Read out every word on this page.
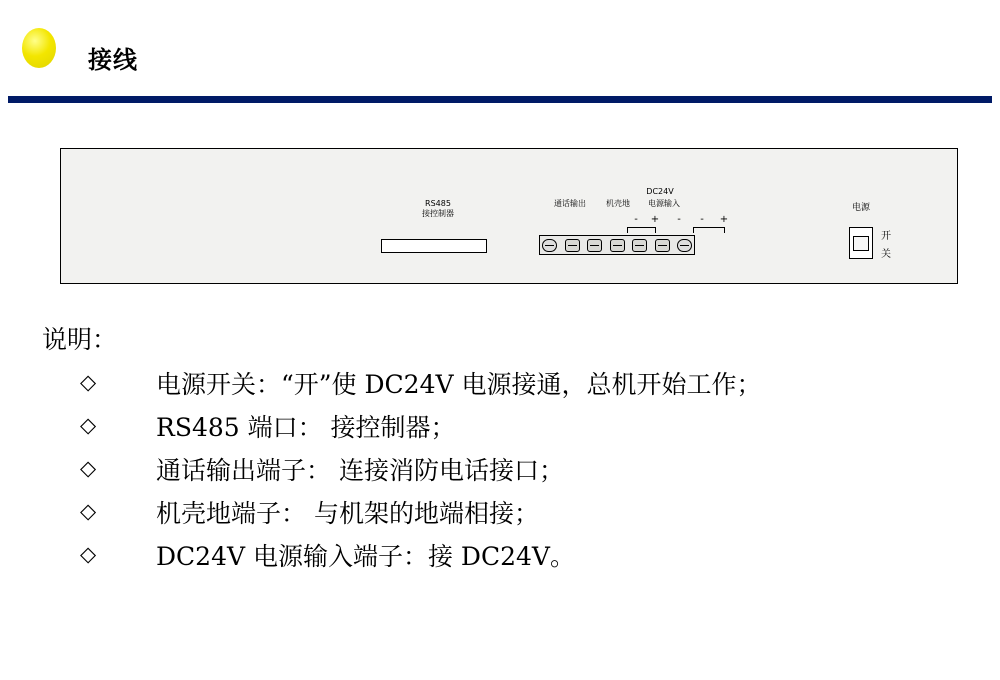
接线
RS485
接控制器
DC24V
通话输出	机壳地	电源输入
-	+	-	-	+
电源
开
关

说明：

◇	电源开关：“开”使 DC24V 电源接通，总机开始工作；
◇	RS485 端口： 接控制器；
◇	通话输出端子： 连接消防电话接口；
◇	机壳地端子： 与机架的地端相接；
◇	DC24V 电源输入端子：接 DC24V。
